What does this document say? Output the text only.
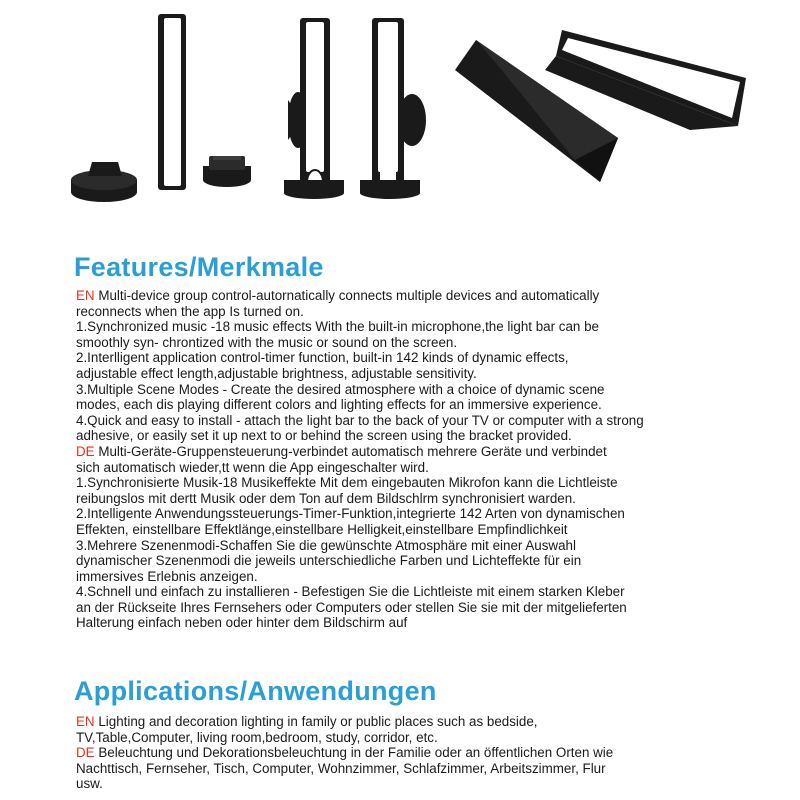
Features/Merkmale
EN Multi-device group control-autornatically connects multiple devices and automatically
reconnects when the app Is turned on.
1.Synchronized music -18 music effects With the built-in microphone,the light bar can be
smoothly syn- chrontized with the music or sound on the screen.
2.Interlligent application control-timer function, built-in 142 kinds of dynamic effects,
adjustable effect length,adjustable brightness, adjustable sensitivity.
3.Multiple Scene Modes - Create the desired atmosphere with a choice of dynamic scene
modes, each dis playing different colors and lighting effects for an immersive experience.
4.Quick and easy to install - attach the light bar to the back of your TV or computer with a strong
adhesive, or easily set it up next to or behind the screen using the bracket provided.
DE Multi-Geräte-Gruppensteuerung-verbindet automatisch mehrere Geräte und verbindet
sich automatisch wieder,tt wenn die App eingeschalter wird.
1.Synchronisierte Musik-18 Musikeffekte Mit dem eingebauten Mikrofon kann die Lichtleiste
reibungslos mit dertt Musik oder dem Ton auf dem Bildschlrm synchronisiert warden.
2.Intelligente Anwendungssteuerungs-Timer-Funktion,integrierte 142 Arten von dynamischen
Effekten, einstellbare Effektlänge,einstellbare Helligkeit,einstellbare Empfindlichkeit
3.Mehrere Szenenmodi-Schaffen Sie die gewünschte Atmosphäre mit einer Auswahl
dynamischer Szenenmodi die jeweils unterschiedliche Farben und Lichteffekte für ein
immersives Erlebnis anzeigen.
4.Schnell und einfach zu installieren - Befestigen Sie die Lichtleiste mit einem starken Kleber
an der Rückseite Ihres Fernsehers oder Computers oder stellen Sie sie mit der mitgelieferten
Halterung einfach neben oder hinter dem Bildschirm auf
Applications/Anwendungen
EN Lighting and decoration lighting in family or public places such as bedside,
TV,Table,Computer, living room,bedroom, study, corridor, etc.
DE Beleuchtung und Dekorationsbeleuchtung in der Familie oder an öffentlichen Orten wie
Nachttisch, Fernseher, Tisch, Computer, Wohnzimmer, Schlafzimmer, Arbeitszimmer, Flur
usw.
